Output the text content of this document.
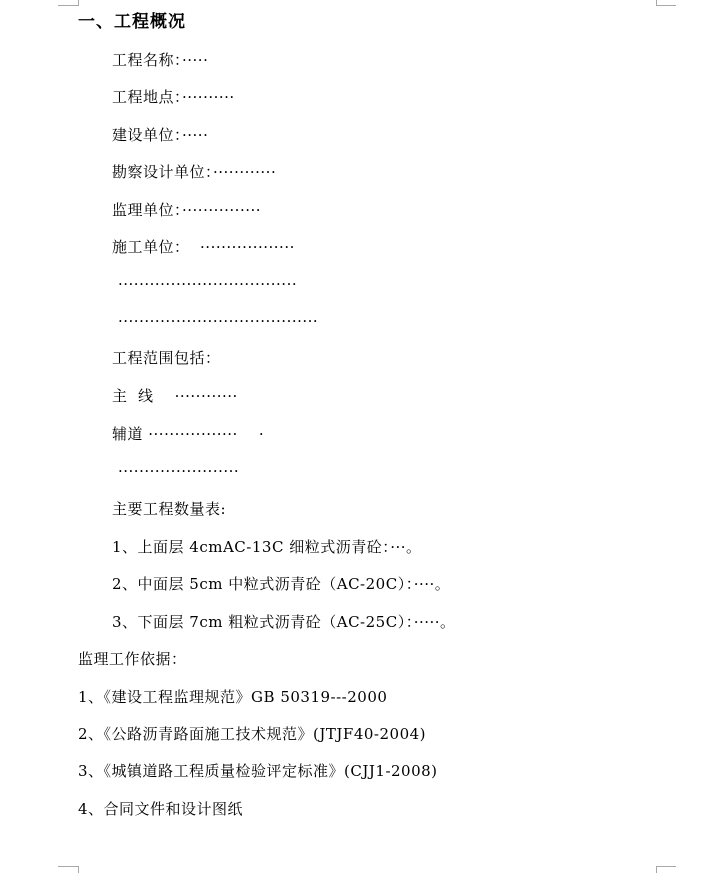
一、工程概况
工程名称：·····
工程地点：··········
建设单位：·····
勘察设计单位：············
监理单位：···············
施工单位：  ··················
··································
······································
工程范围包括：
主  线    ············
辅道 ·················    ·
·······················
主要工程数量表:
1、上面层 4cmAC-13C 细粒式沥青砼：···。
2、中面层 5cm 中粒式沥青砼（AC-20C）：····。
3、下面层 7cm 粗粒式沥青砼（AC-25C）：·····。
监理工作依据：
1、《建设工程监理规范》GB 50319---2000
2、《公路沥青路面施工技术规范》(JTJF40-2004)
3、《城镇道路工程质量检验评定标准》(CJJ1-2008)
4、合同文件和设计图纸
